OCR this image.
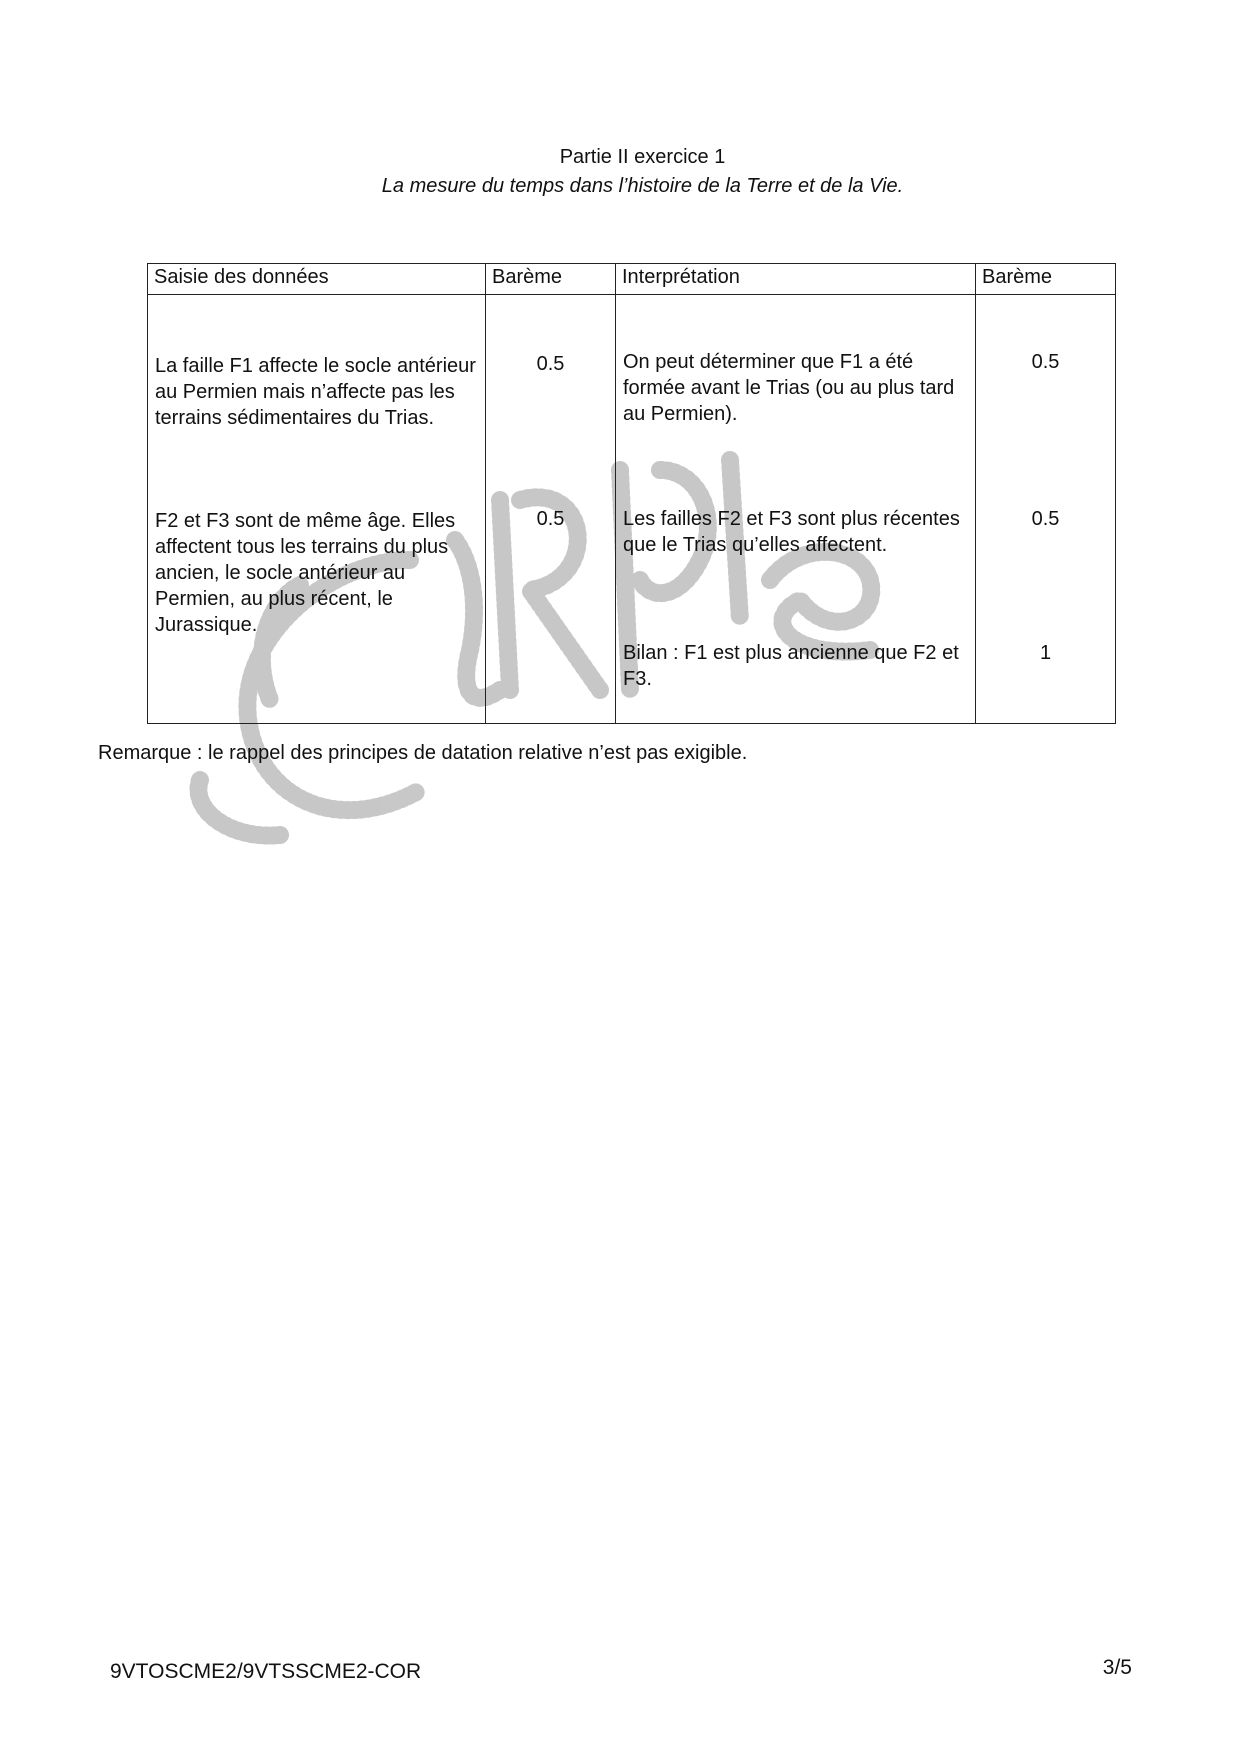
Partie II exercice 1
La mesure du temps dans l’histoire de la Terre et de la Vie.
Saisie des données	Barème	Interprétation	Barème

La faille F1 affecte le socle antérieur au Permien mais n’affecte pas les terrains sédimentaires du Trias.	0.5	On peut déterminer que F1 a été formée avant le Trias (ou au plus tard au Permien).	0.5

F2 et F3 sont de même âge. Elles affectent tous les terrains du plus ancien, le socle antérieur au Permien, au plus récent, le Jurassique.	0.5	Les failles F2 et F3 sont plus récentes que le Trias qu’elles affectent.	0.5

		Bilan : F1 est plus ancienne que F2 et F3.	1
Remarque : le rappel des principes de datation relative n’est pas exigible.
9VTOSCME2/9VTSSCME2-COR	3/5
